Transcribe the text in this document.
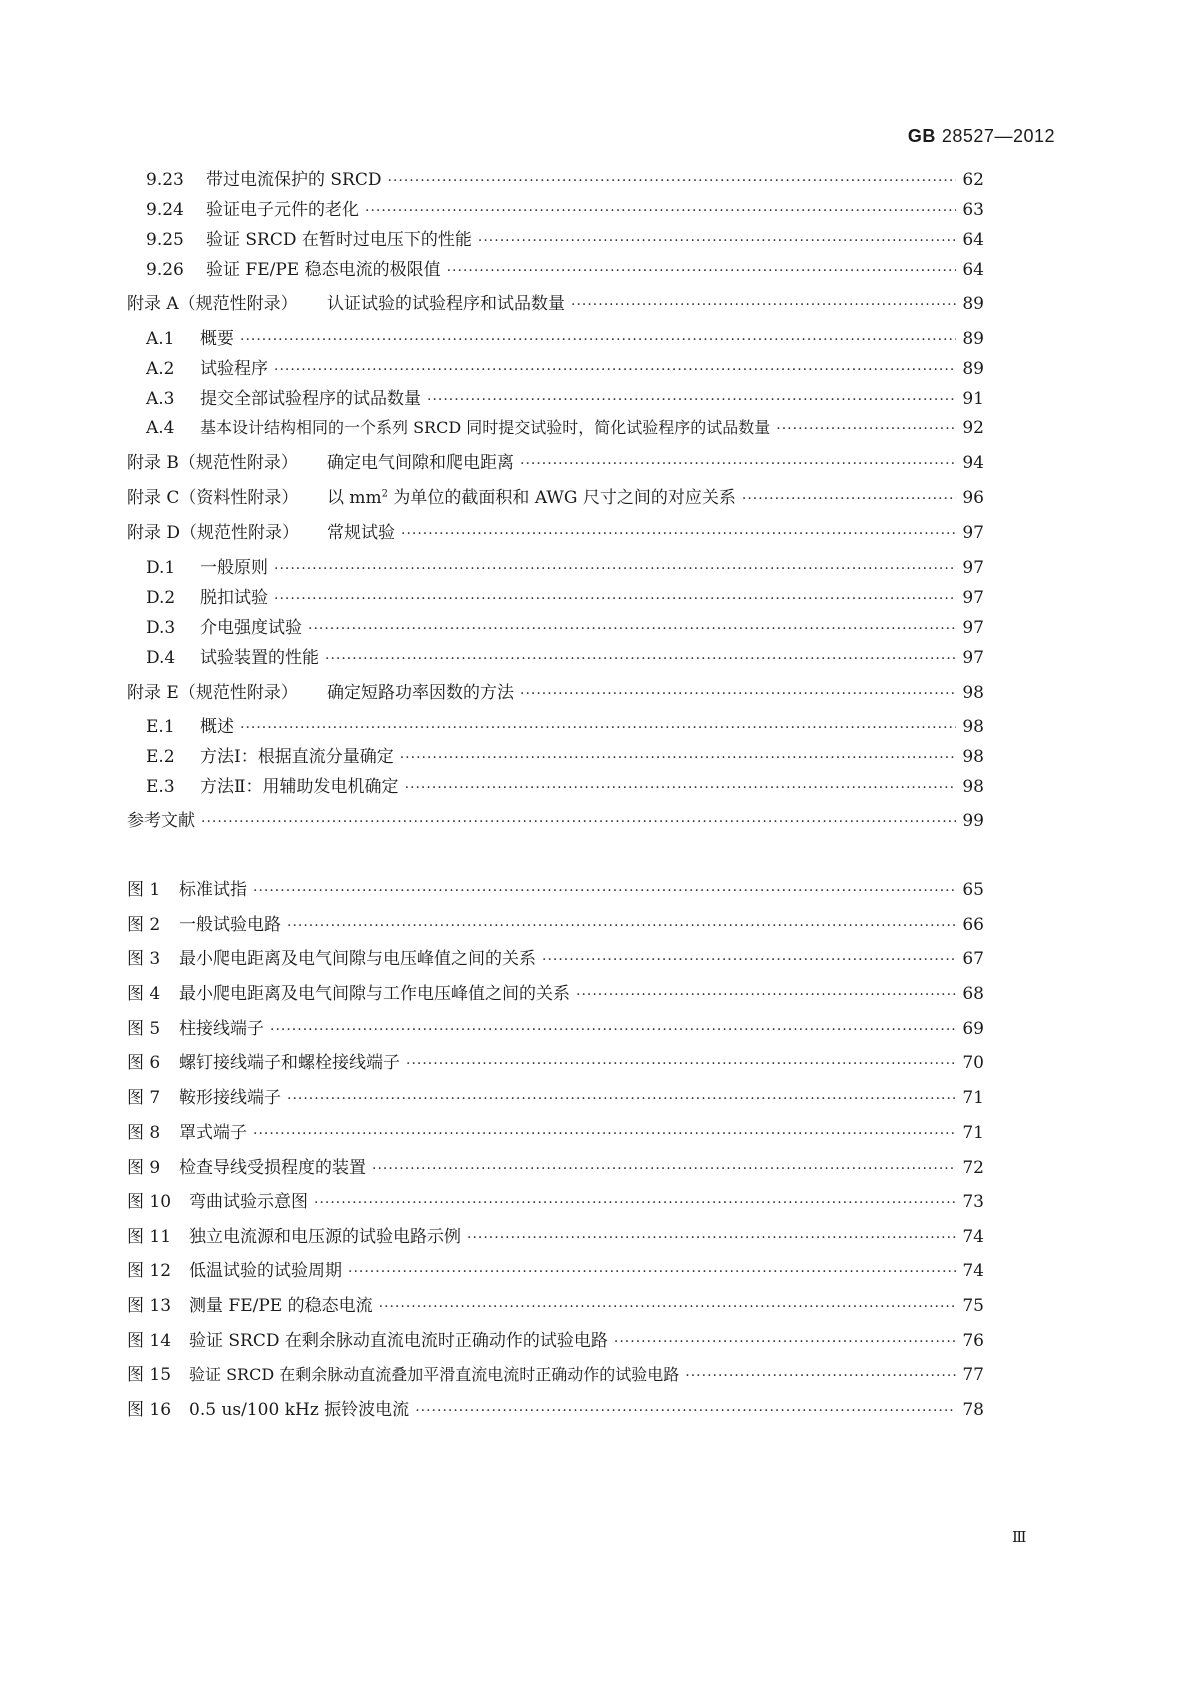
GB 28527—2012
9.23	带过电流保护的 SRCD ·····	62
9.24	验证电子元件的老化 ·····	63
9.25	验证 SRCD 在暂时过电压下的性能 ·····	64
9.26	验证 FE/PE 稳态电流的极限值 ·····	64
附录 A（规范性附录）	认证试验的试验程序和试品数量 ·····	89
A.1	概要 ·····	89
A.2	试验程序 ·····	89
A.3	提交全部试验程序的试品数量 ·····	91
A.4	基本设计结构相同的一个系列 SRCD 同时提交试验时，简化试验程序的试品数量 ·····	92
附录 B（规范性附录）	确定电气间隙和爬电距离 ·····	94
附录 C（资料性附录）	以 $mm^2$ 为单位的截面积和 AWG 尺寸之间的对应关系 ·····	96
附录 D（规范性附录）	常规试验 ·····	97
D.1	一般原则 ·····	97
D.2	脱扣试验 ·····	97
D.3	介电强度试验 ·····	97
D.4	试验装置的性能 ·····	97
附录 E（规范性附录）	确定短路功率因数的方法 ·····	98
E.1	概述 ·····	98
E.2	方法Ⅰ：根据直流分量确定 ·····	98
E.3	方法Ⅱ：用辅助发电机确定 ·····	98
参考文献 ·····	99
图 1	标准试指 ·····	65
图 2	一般试验电路 ·····	66
图 3	最小爬电距离及电气间隙与电压峰值之间的关系 ·····	67
图 4	最小爬电距离及电气间隙与工作电压峰值之间的关系 ·····	68
图 5	柱接线端子 ·····	69
图 6	螺钉接线端子和螺栓接线端子 ·····	70
图 7	鞍形接线端子 ·····	71
图 8	罩式端子 ·····	71
图 9	检查导线受损程度的装置 ·····	72
图 10	弯曲试验示意图 ·····	73
图 11	独立电流源和电压源的试验电路示例 ·····	74
图 12	低温试验的试验周期 ·····	74
图 13	测量 FE/PE 的稳态电流 ·····	75
图 14	验证 SRCD 在剩余脉动直流电流时正确动作的试验电路 ·····	76
图 15	验证 SRCD 在剩余脉动直流叠加平滑直流电流时正确动作的试验电路 ·····	77
图 16	0.5 us/100 kHz 振铃波电流 ·····	78
Ⅲ
